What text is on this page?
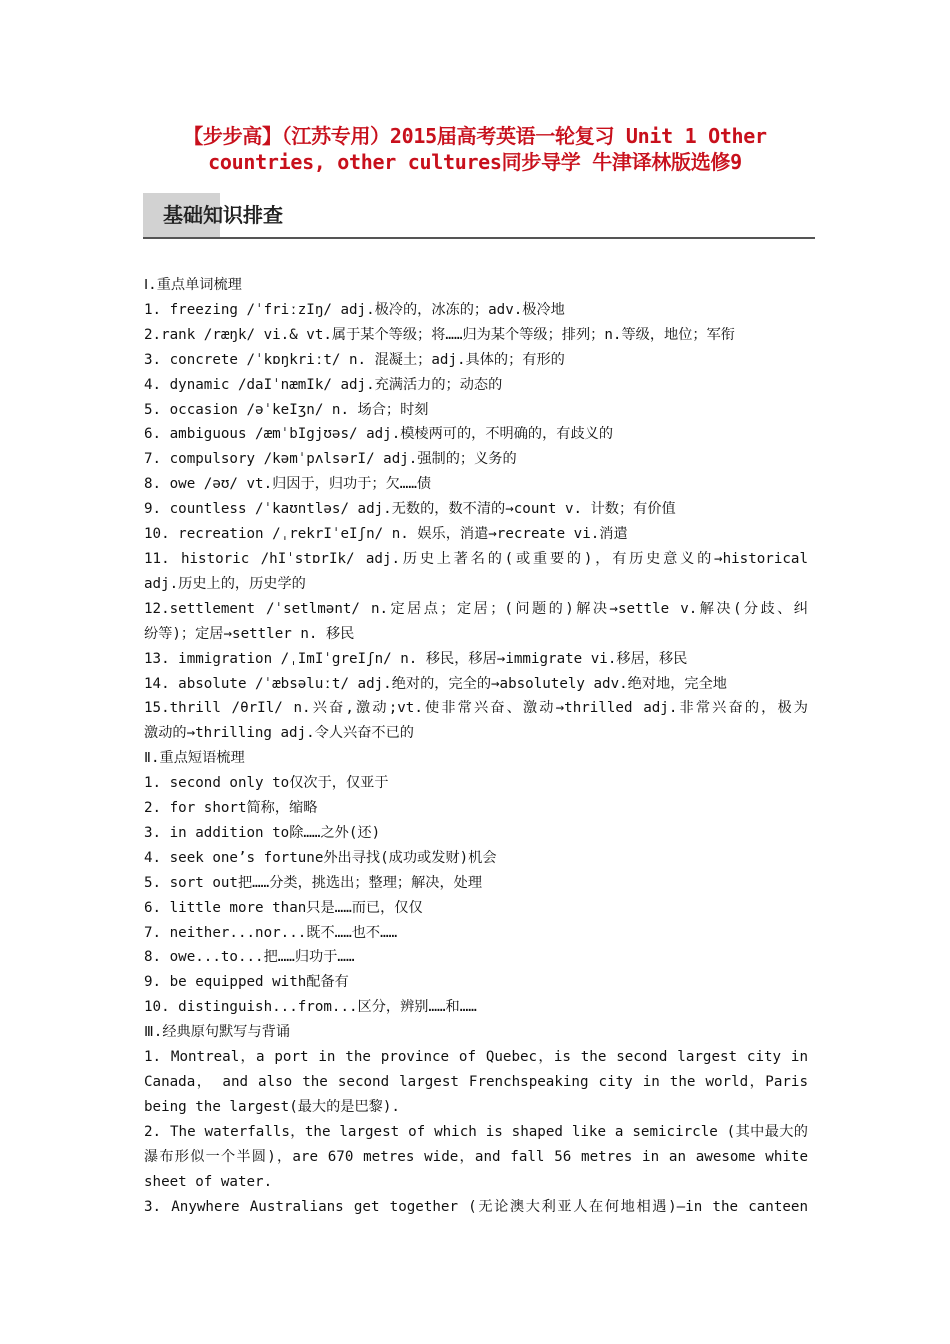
【步步高】（江苏专用）2015届高考英语一轮复习 Unit 1 Other
countries, other cultures同步导学 牛津译林版选修9
基础知识排查
Ⅰ.重点单词梳理
1. freezing /ˈfriːzIŋ/ adj.极冷的，冰冻的；adv.极冷地
2.rank /ræŋk/ vi.& vt.属于某个等级；将……归为某个等级；排列；n.等级，地位；军衔
3. concrete /ˈkɒŋkriːt/ n. 混凝土；adj.具体的；有形的
4. dynamic /daIˈnæmIk/ adj.充满活力的；动态的
5. occasion /əˈkeIʒn/ n. 场合；时刻
6. ambiguous /æmˈbIgjʊəs/ adj.模棱两可的，不明确的，有歧义的
7. compulsory /kəmˈpʌlsərI/ adj.强制的；义务的
8. owe /əʊ/ vt.归因于，归功于；欠……债
9. countless /ˈkaʊntləs/ adj.无数的，数不清的→count v. 计数；有价值
10. recreation /ˌrekrIˈeIʃn/ n. 娱乐，消遣→recreate vi.消遣
11. historic /hIˈstɒrIk/ adj.历史上著名的(或重要的)，有历史意义的→historical
adj.历史上的，历史学的
12.settlement /ˈsetlmənt/ n.定居点；定居；(问题的)解决→settle v.解决(分歧、纠
纷等)；定居→settler n. 移民
13. immigration /ˌImIˈgreIʃn/ n. 移民，移居→immigrate vi.移居，移民
14. absolute /ˈæbsəluːt/ adj.绝对的，完全的→absolutely adv.绝对地，完全地
15.thrill /θrIl/ n.兴奋,激动;vt.使非常兴奋、激动→thrilled adj.非常兴奋的，极为
激动的→thrilling adj.令人兴奋不已的
Ⅱ.重点短语梳理
1. second only to仅次于，仅亚于
2. for short简称，缩略
3. in addition to除……之外(还)
4. seek one’s fortune外出寻找(成功或发财)机会
5. sort out把……分类，挑选出；整理；解决，处理
6. little more than只是……而已，仅仅
7. neither...nor...既不……也不……
8. owe...to...把……归功于……
9. be equipped with配备有
10. distinguish...from...区分，辨别……和……
Ⅲ.经典原句默写与背诵
1. Montreal，a port in the province of Quebec，is the second largest city in
Canada， and also the second largest Frenchspeaking city in the world，Paris
being the largest(最大的是巴黎).
2. The waterfalls，the largest of which is shaped like a semicircle (其中最大的
瀑布形似一个半圆)，are 670 metres wide，and fall 56 metres in an awesome white
sheet of water.
3. Anywhere Australians get together (无论澳大利亚人在何地相遇)—in the canteen
